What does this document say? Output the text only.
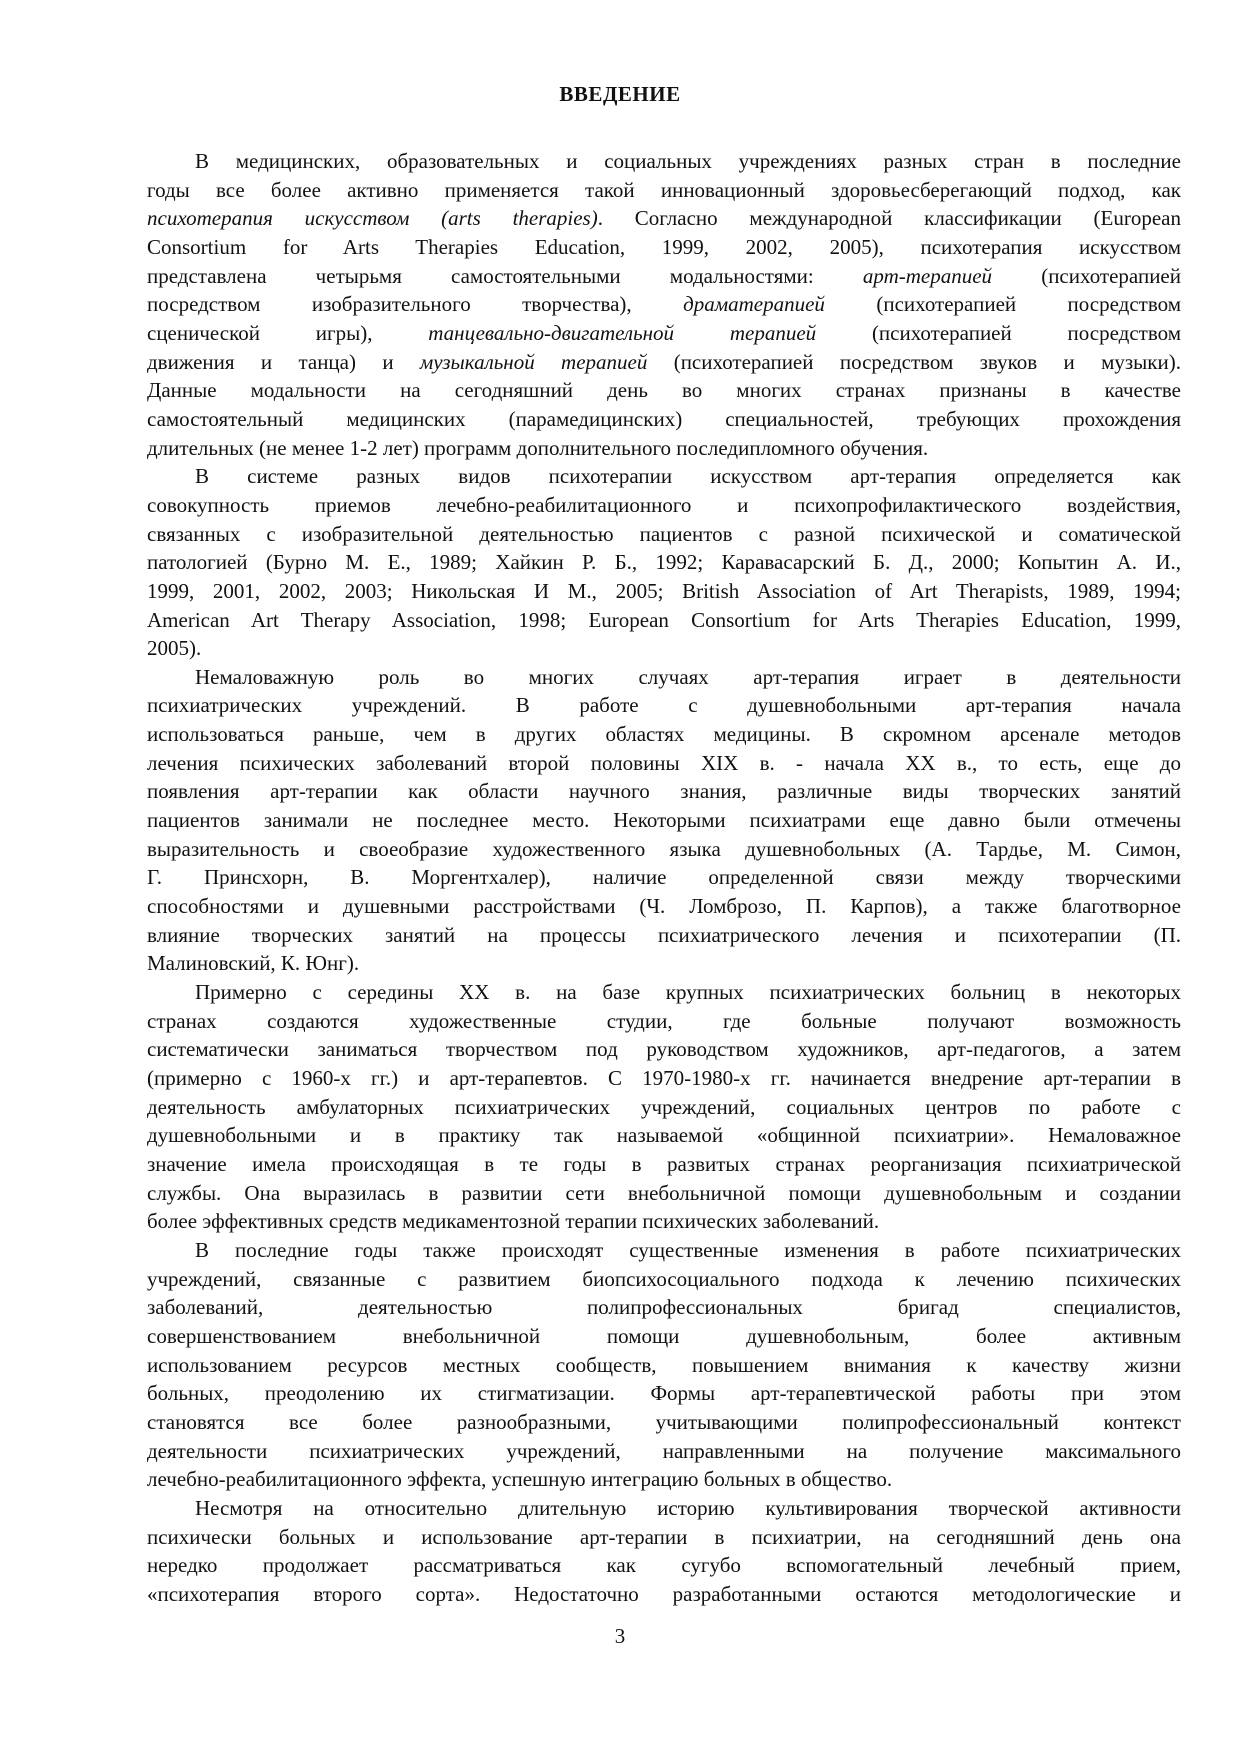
ВВЕДЕНИЕ
В медицинских, образовательных и социальных учреждениях разных стран в последние
годы все более активно применяется такой инновационный здоровьесберегающий подход, как
психотерапия искусством (arts therapies). Согласно международной классификации (European
Consortium for Arts Therapies Education, 1999, 2002, 2005), психотерапия искусством
представлена четырьмя самостоятельными модальностями: арт-терапией (психотерапией
посредством изобразительного творчества), драматерапией (психотерапией посредством
сценической игры), танцевально-двигательной терапией (психотерапией посредством
движения и танца) и музыкальной терапией (психотерапией посредством звуков и музыки).
Данные модальности на сегодняшний день во многих странах признаны в качестве
самостоятельный медицинских (парамедицинских) специальностей, требующих прохождения
длительных (не менее 1-2 лет) программ дополнительного последипломного обучения.
В системе разных видов психотерапии искусством арт-терапия определяется как
совокупность приемов лечебно-реабилитационного и психопрофилактического воздействия,
связанных с изобразительной деятельностью пациентов с разной психической и соматической
патологией (Бурно М. Е., 1989; Хайкин Р. Б., 1992; Каравасарский Б. Д., 2000; Копытин А. И.,
1999, 2001, 2002, 2003; Никольская И М., 2005; British Association of Art Therapists, 1989, 1994;
American Art Therapy Association, 1998; European Consortium for Arts Therapies Education, 1999,
2005).
Немаловажную роль во многих случаях арт-терапия играет в деятельности
психиатрических учреждений. В работе с душевнобольными арт-терапия начала
использоваться раньше, чем в других областях медицины. В скромном арсенале методов
лечения психических заболеваний второй половины XIX в. - начала XX в., то есть, еще до
появления арт-терапии как области научного знания, различные виды творческих занятий
пациентов занимали не последнее место. Некоторыми психиатрами еще давно были отмечены
выразительность и своеобразие художественного языка душевнобольных (А. Тардье, М. Симон,
Г. Принсхорн, В. Моргентхалер), наличие определенной связи между творческими
способностями и душевными расстройствами (Ч. Ломброзо, П. Карпов), а также благотворное
влияние творческих занятий на процессы психиатрического лечения и психотерапии (П.
Малиновский, К. Юнг).
Примерно с середины XX в. на базе крупных психиатрических больниц в некоторых
странах создаются художественные студии, где больные получают возможность
систематически заниматься творчеством под руководством художников, арт-педагогов, а затем
(примерно с 1960-х гг.) и арт-терапевтов. С 1970-1980-х гг. начинается внедрение арт-терапии в
деятельность амбулаторных психиатрических учреждений, социальных центров по работе с
душевнобольными и в практику так называемой «общинной психиатрии». Немаловажное
значение имела происходящая в те годы в развитых странах реорганизация психиатрической
службы. Она выразилась в развитии сети внебольничной помощи душевнобольным и создании
более эффективных средств медикаментозной терапии психических заболеваний.
В последние годы также происходят существенные изменения в работе психиатрических
учреждений, связанные с развитием биопсихосоциального подхода к лечению психических
заболеваний, деятельностью полипрофессиональных бригад специалистов,
совершенствованием внебольничной помощи душевнобольным, более активным
использованием ресурсов местных сообществ, повышением внимания к качеству жизни
больных, преодолению их стигматизации. Формы арт-терапевтической работы при этом
становятся все более разнообразными, учитывающими полипрофессиональный контекст
деятельности психиатрических учреждений, направленными на получение максимального
лечебно-реабилитационного эффекта, успешную интеграцию больных в общество.
Несмотря на относительно длительную историю культивирования творческой активности
психически больных и использование арт-терапии в психиатрии, на сегодняшний день она
нередко продолжает рассматриваться как сугубо вспомогательный лечебный прием,
«психотерапия второго сорта». Недостаточно разработанными остаются методологические и
3
